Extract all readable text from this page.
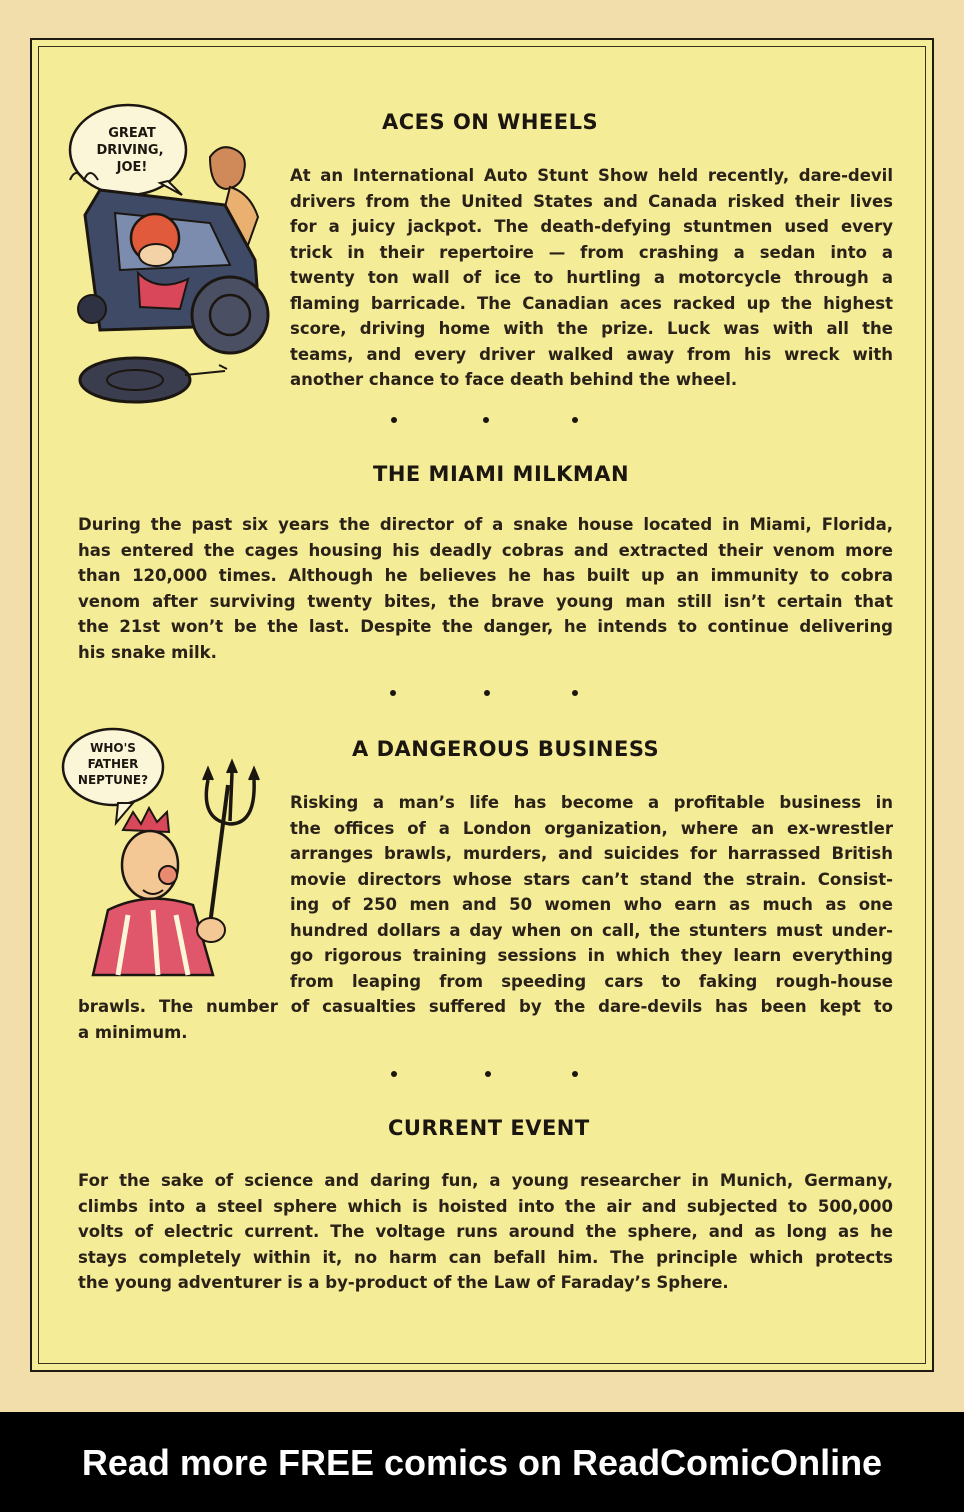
GREAT
DRIVING,
JOE!
WHO'S
FATHER
NEPTUNE?
ACES ON WHEELS
At an International Auto Stunt Show held recently, dare-devil
drivers from the United States and Canada risked their lives
for a juicy jackpot. The death-defying stuntmen used every
trick in their repertoire — from crashing a sedan into a
twenty ton wall of ice to hurtling a motorcycle through a
flaming barricade. The Canadian aces racked up the highest
score, driving home with the prize. Luck was with all the
teams, and every driver walked away from his wreck with
another chance to face death behind the wheel.
THE MIAMI MILKMAN
During the past six years the director of a snake house located in Miami, Florida,
has entered the cages housing his deadly cobras and extracted their venom more
than 120,000 times. Although he believes he has built up an immunity to cobra
venom after surviving twenty bites, the brave young man still isn’t certain that
the 21st won’t be the last. Despite the danger, he intends to continue delivering
his snake milk.
A DANGEROUS BUSINESS
Risking a man’s life has become a profitable business in
the offices of a London organization, where an ex-wrestler
arranges brawls, murders, and suicides for harrassed British
movie directors whose stars can’t stand the strain. Consist-
ing of 250 men and 50 women who earn as much as one
hundred dollars a day when on call, the stunters must under-
go rigorous training sessions in which they learn everything
from leaping from speeding cars to faking rough-house
brawls. The number of casualties suffered by the dare-devils has been kept to
a minimum.
CURRENT EVENT
For the sake of science and daring fun, a young researcher in Munich, Germany,
climbs into a steel sphere which is hoisted into the air and subjected to 500,000
volts of electric current. The voltage runs around the sphere, and as long as he
stays completely within it, no harm can befall him. The principle which protects
the young adventurer is a by-product of the Law of Faraday’s Sphere.
Read more FREE comics on ReadComicOnline
